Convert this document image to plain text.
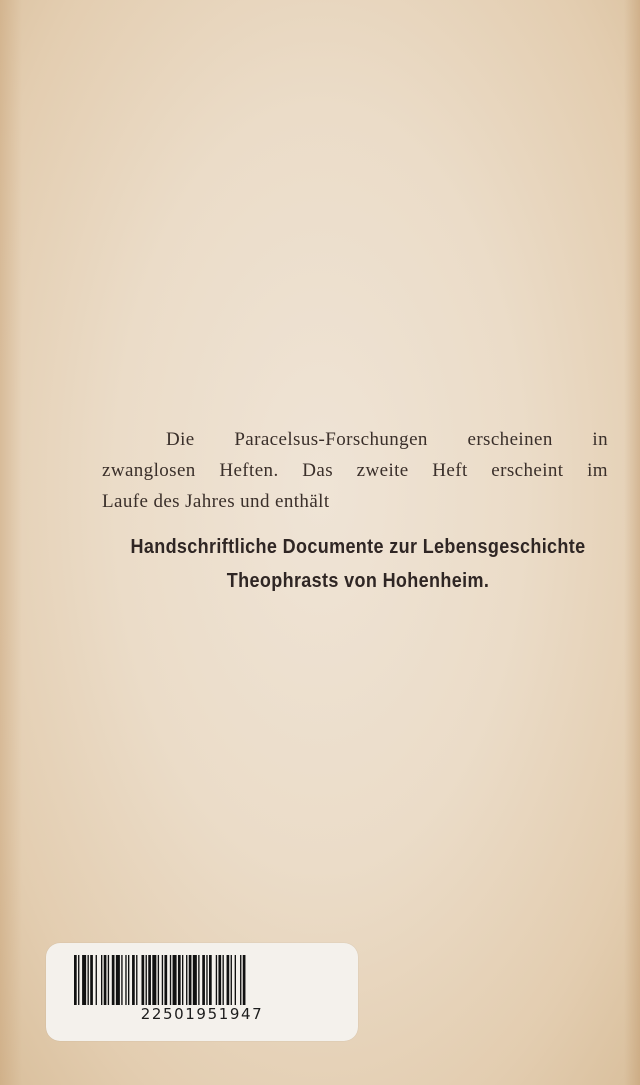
Die Paracelsus-Forschungen erscheinen in
zwanglosen Heften. Das zweite Heft erscheint im
Laufe des Jahres und enthält
Handschriftliche Documente zur Lebensgeschichte
Theophrasts von Hohenheim.
22501951947
